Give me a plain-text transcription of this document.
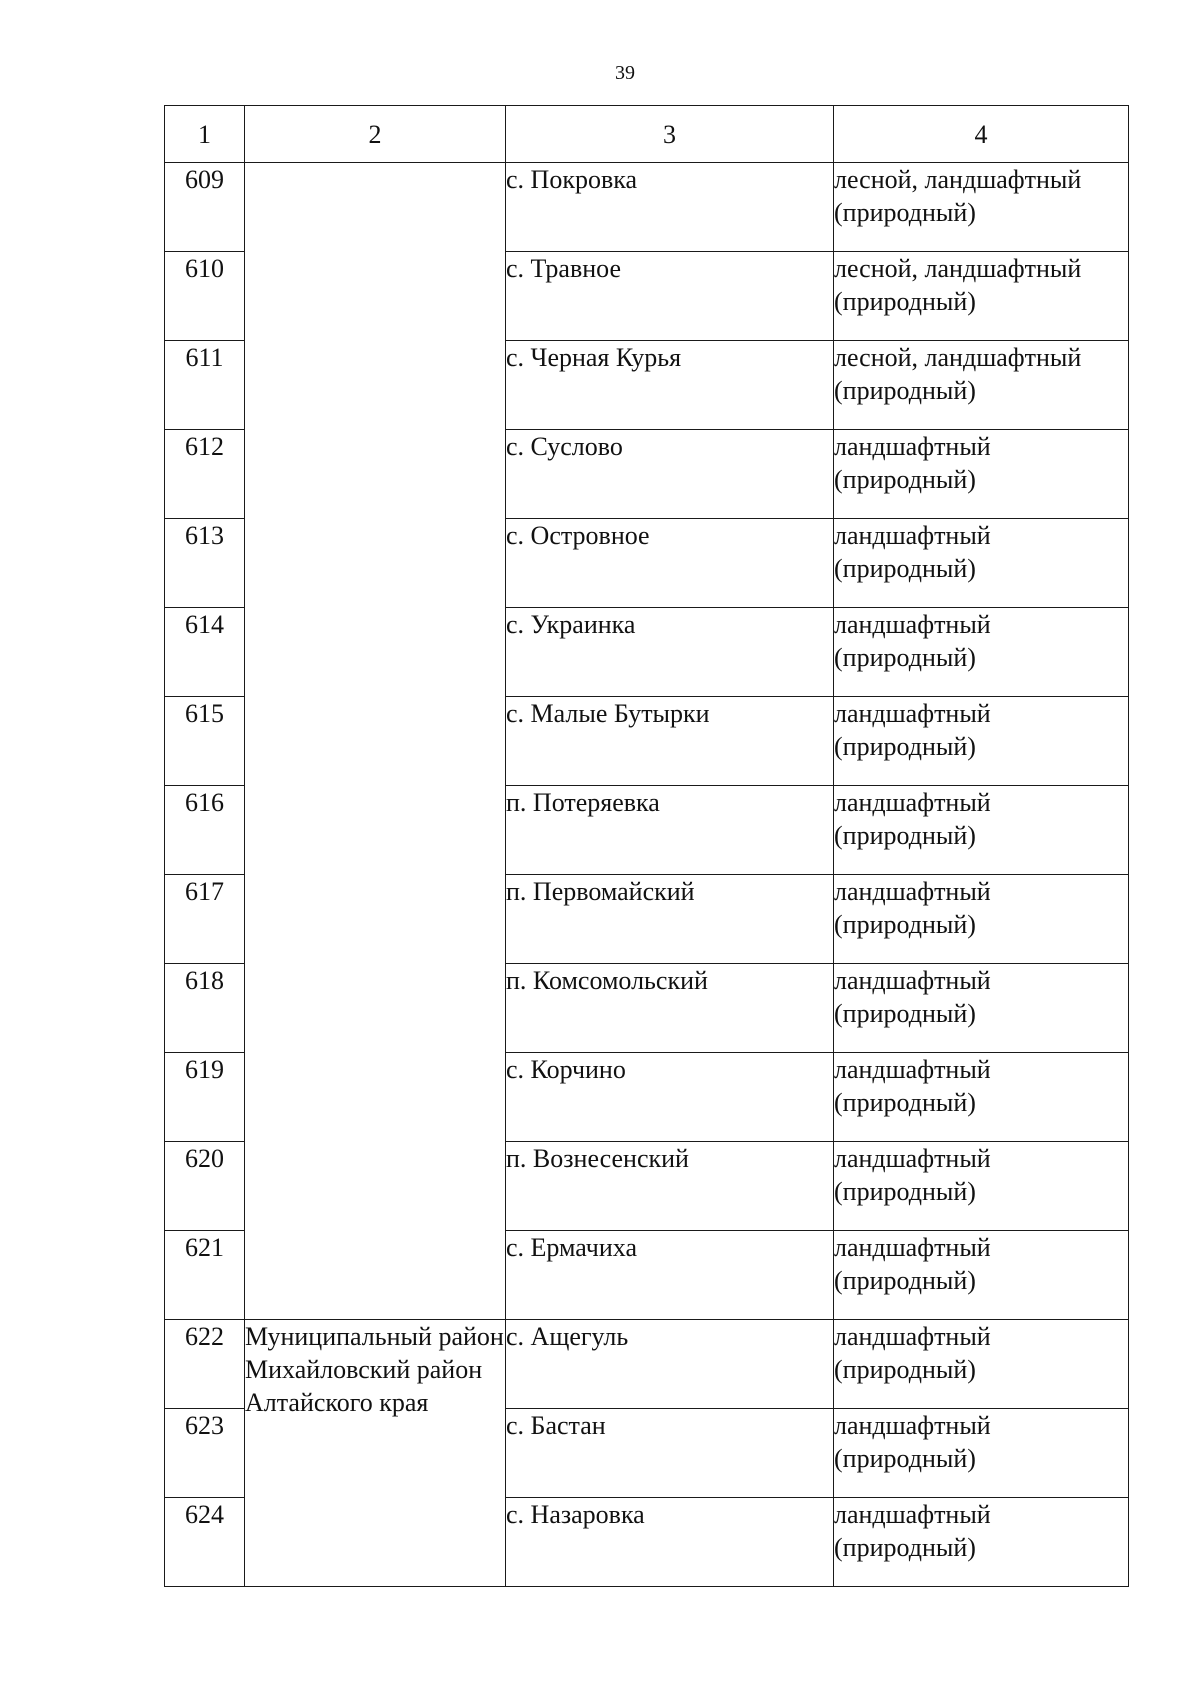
39
1	2	3	4
609		с. Покровка	лесной, ландшафтный (природный)
610		с. Травное	лесной, ландшафтный (природный)
611		с. Черная Курья	лесной, ландшафтный (природный)
612		с. Суслово	ландшафтный (природный)
613		с. Островное	ландшафтный (природный)
614		с. Украинка	ландшафтный (природный)
615		с. Малые Бутырки	ландшафтный (природный)
616		п. Потеряевка	ландшафтный (природный)
617		п. Первомайский	ландшафтный (природный)
618		п. Комсомольский	ландшафтный (природный)
619		с. Корчино	ландшафтный (природный)
620		п. Вознесенский	ландшафтный (природный)
621		с. Ермачиха	ландшафтный (природный)
622	Муниципальный район Михайловский район Алтайского края	с. Ащегуль	ландшафтный (природный)
623		с. Бастан	ландшафтный (природный)
624		с. Назаровка	ландшафтный (природный)
